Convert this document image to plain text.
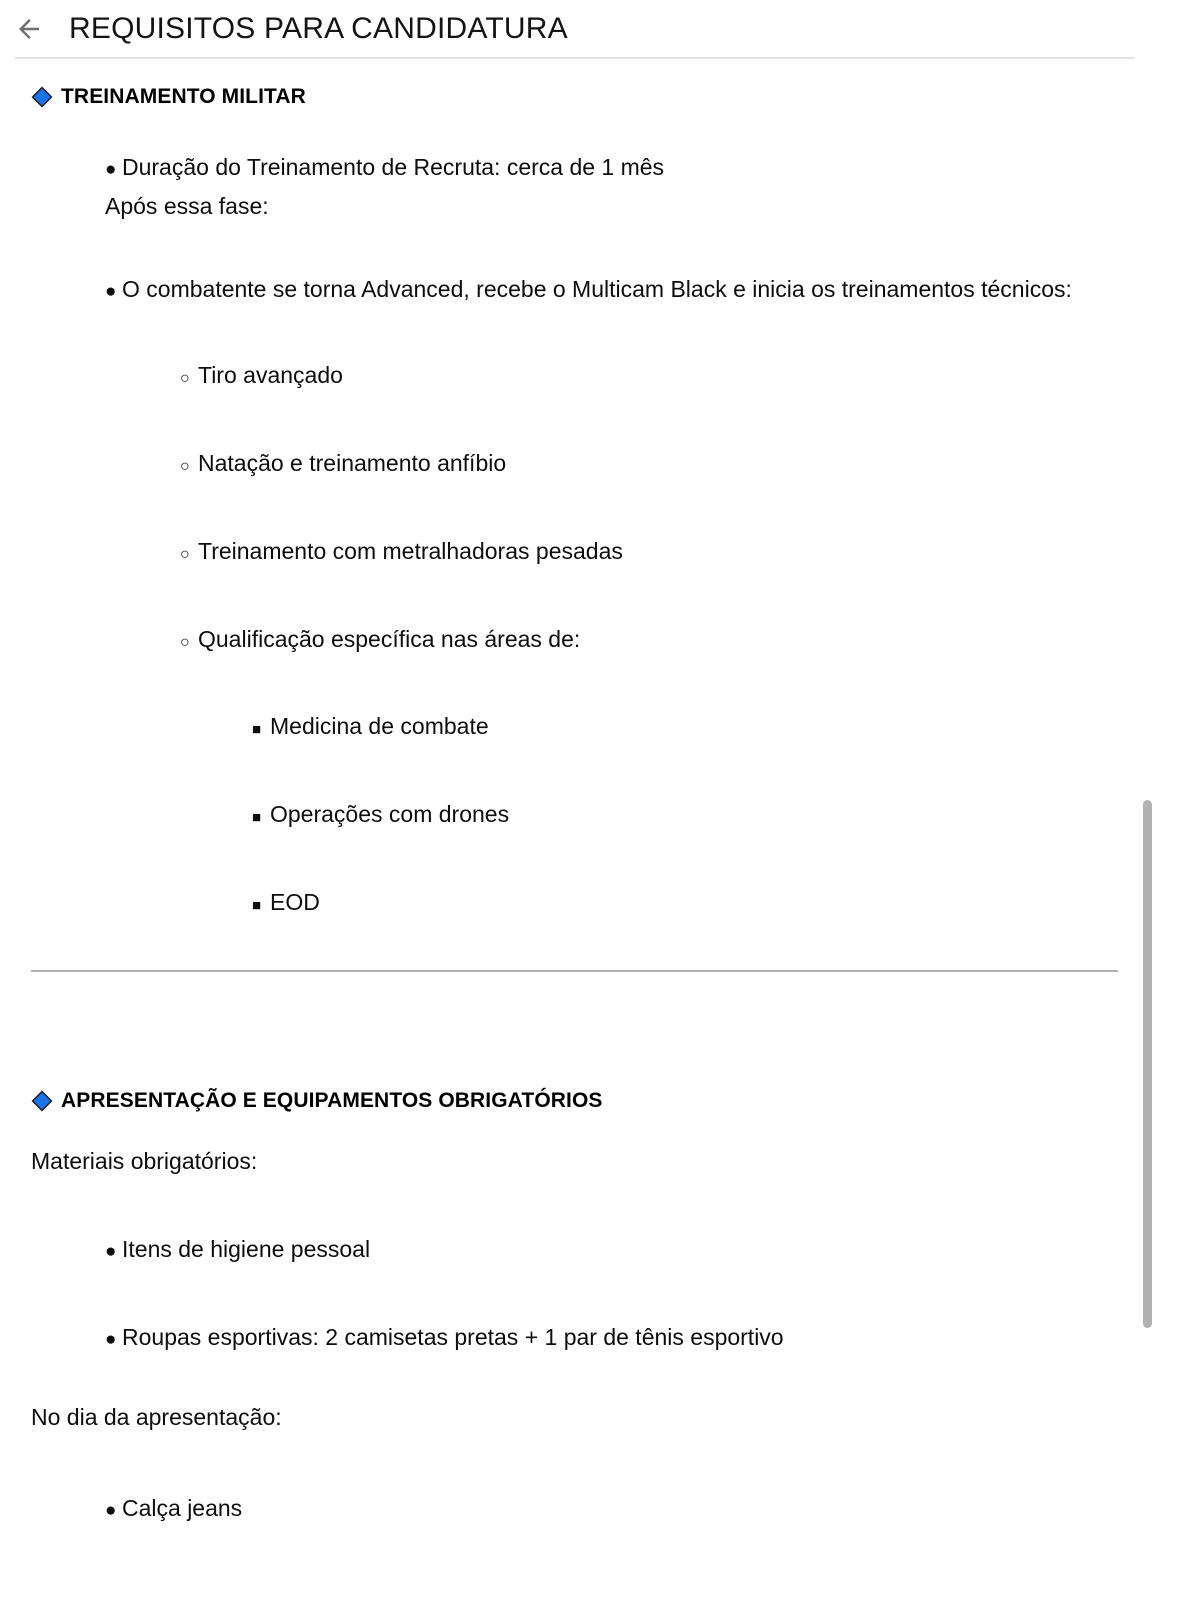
REQUISITOS PARA CANDIDATURA
TREINAMENTO MILITAR
● Duração do Treinamento de Recruta: cerca de 1 mês
Após essa fase:
● O combatente se torna Advanced, recebe o Multicam Black e inicia os treinamentos técnicos:
○ Tiro avançado
○ Natação e treinamento anfíbio
○ Treinamento com metralhadoras pesadas
○ Qualificação específica nas áreas de:
■ Medicina de combate
■ Operações com drones
■ EOD
APRESENTAÇÃO E EQUIPAMENTOS OBRIGATÓRIOS
Materiais obrigatórios:
● Itens de higiene pessoal
● Roupas esportivas: 2 camisetas pretas + 1 par de tênis esportivo
No dia da apresentação:
● Calça jeans
